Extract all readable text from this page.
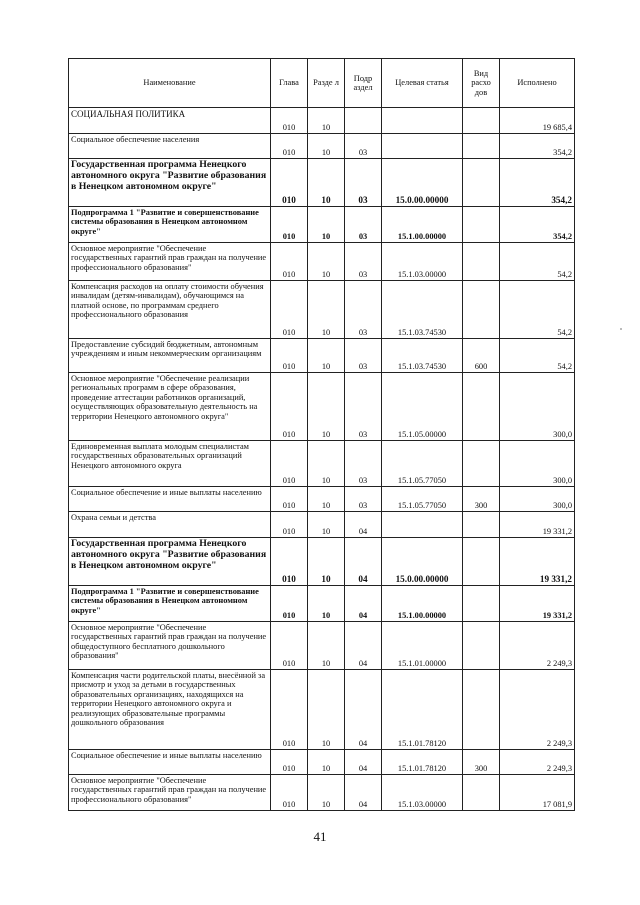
Наименование	Глава	Разде л	Подр аздел	Целевая статья	Вид расхо дов	Исполнено
СОЦИАЛЬНАЯ ПОЛИТИКА	010	10				19 685,4
Социальное обеспечение населения	010	10	03			354,2
Государственная программа Ненецкого автономного округа "Развитие образования в Ненецком автономном округе"	010	10	03	15.0.00.00000		354,2
Подпрограмма 1 "Развитие и совершенствование системы образования в Ненецком автономном округе"	010	10	03	15.1.00.00000		354,2
Основное мероприятие "Обеспечение государственных гарантий прав граждан на получение профессионального образования"	010	10	03	15.1.03.00000		54,2
Компенсация расходов на оплату стоимости обучения инвалидам (детям-инвалидам), обучающимся на платной основе, по программам среднего профессионального образования	010	10	03	15.1.03.74530		54,2
Предоставление субсидий бюджетным, автономным учреждениям и иным некоммерческим организациям	010	10	03	15.1.03.74530	600	54,2
Основное мероприятие "Обеспечение реализации региональных программ в сфере образования, проведение аттестации работников организаций, осуществляющих образовательную деятельность на территории Ненецкого автономного округа"	010	10	03	15.1.05.00000		300,0
Единовременная выплата молодым специалистам государственных образовательных организаций Ненецкого автономного округа	010	10	03	15.1.05.77050		300,0
Социальное обеспечение и иные выплаты населению	010	10	03	15.1.05.77050	300	300,0
Охрана семьи и детства	010	10	04			19 331,2
Государственная программа Ненецкого автономного округа "Развитие образования в Ненецком автономном округе"	010	10	04	15.0.00.00000		19 331,2
Подпрограмма 1 "Развитие и совершенствование системы образования в Ненецком автономном округе"	010	10	04	15.1.00.00000		19 331,2
Основное мероприятие "Обеспечение государственных гарантий прав граждан на получение общедоступного бесплатного дошкольного образования"	010	10	04	15.1.01.00000		2 249,3
Компенсация части родительской платы, внесённой за присмотр и уход за детьми в государственных образовательных организациях, находящихся на территории Ненецкого автономного округа и реализующих образовательные программы дошкольного образования	010	10	04	15.1.01.78120		2 249,3
Социальное обеспечение и иные выплаты населению	010	10	04	15.1.01.78120	300	2 249,3
Основное мероприятие "Обеспечение государственных гарантий прав граждан на получение профессионального образования"	010	10	04	15.1.03.00000		17 081,9
41
